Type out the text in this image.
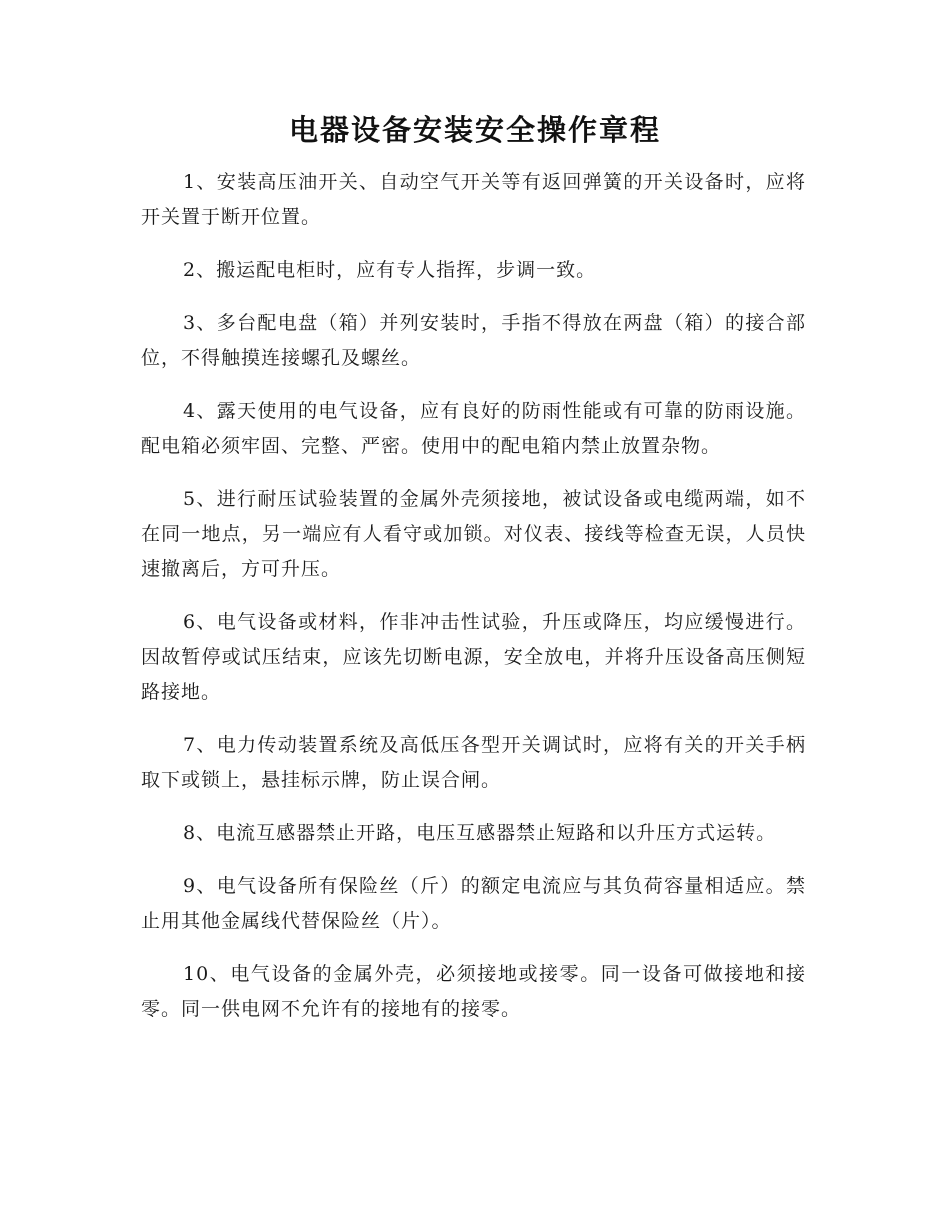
电器设备安装安全操作章程

1、安装高压油开关、自动空气开关等有返回弹簧的开关设备时，应将开关置于断开位置。

2、搬运配电柜时，应有专人指挥，步调一致。

3、多台配电盘（箱）并列安装时，手指不得放在两盘（箱）的接合部位，不得触摸连接螺孔及螺丝。

4、露天使用的电气设备，应有良好的防雨性能或有可靠的防雨设施。配电箱必须牢固、完整、严密。使用中的配电箱内禁止放置杂物。

5、进行耐压试验装置的金属外壳须接地，被试设备或电缆两端，如不在同一地点，另一端应有人看守或加锁。对仪表、接线等检查无误，人员快速撤离后，方可升压。

6、电气设备或材料，作非冲击性试验，升压或降压，均应缓慢进行。因故暂停或试压结束，应该先切断电源，安全放电，并将升压设备高压侧短路接地。

7、电力传动装置系统及高低压各型开关调试时，应将有关的开关手柄取下或锁上，悬挂标示牌，防止误合闸。

8、电流互感器禁止开路，电压互感器禁止短路和以升压方式运转。

9、电气设备所有保险丝（斤）的额定电流应与其负荷容量相适应。禁止用其他金属线代替保险丝（片）。

10、电气设备的金属外壳，必须接地或接零。同一设备可做接地和接零。同一供电网不允许有的接地有的接零。
